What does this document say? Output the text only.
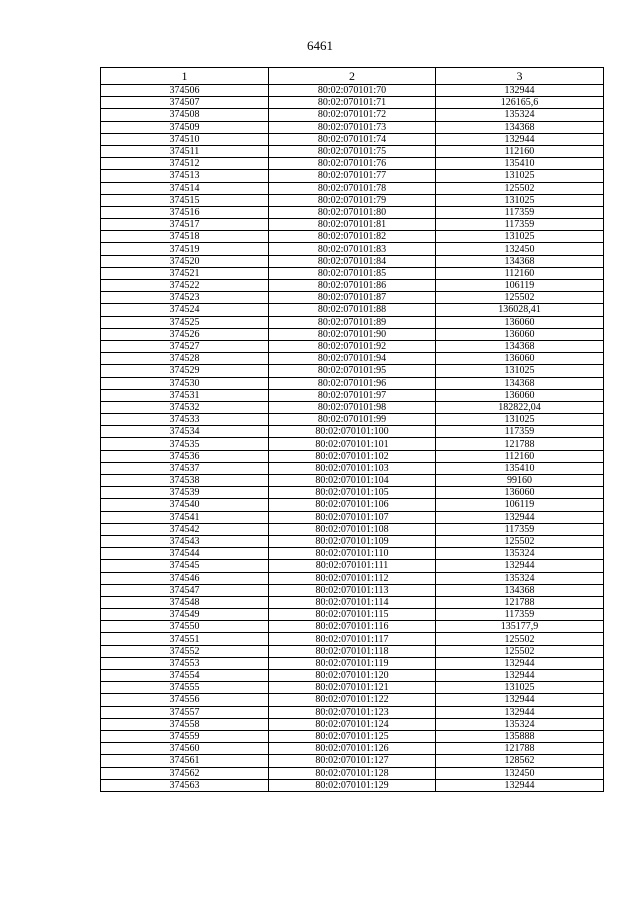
6461
1	2	3
374506	80:02:070101:70	132944
374507	80:02:070101:71	126165,6
374508	80:02:070101:72	135324
374509	80:02:070101:73	134368
374510	80:02:070101:74	132944
374511	80:02:070101:75	112160
374512	80:02:070101:76	135410
374513	80:02:070101:77	131025
374514	80:02:070101:78	125502
374515	80:02:070101:79	131025
374516	80:02:070101:80	117359
374517	80:02:070101:81	117359
374518	80:02:070101:82	131025
374519	80:02:070101:83	132450
374520	80:02:070101:84	134368
374521	80:02:070101:85	112160
374522	80:02:070101:86	106119
374523	80:02:070101:87	125502
374524	80:02:070101:88	136028,41
374525	80:02:070101:89	136060
374526	80:02:070101:90	136060
374527	80:02:070101:92	134368
374528	80:02:070101:94	136060
374529	80:02:070101:95	131025
374530	80:02:070101:96	134368
374531	80:02:070101:97	136060
374532	80:02:070101:98	182822,04
374533	80:02:070101:99	131025
374534	80:02:070101:100	117359
374535	80:02:070101:101	121788
374536	80:02:070101:102	112160
374537	80:02:070101:103	135410
374538	80:02:070101:104	99160
374539	80:02:070101:105	136060
374540	80:02:070101:106	106119
374541	80:02:070101:107	132944
374542	80:02:070101:108	117359
374543	80:02:070101:109	125502
374544	80:02:070101:110	135324
374545	80:02:070101:111	132944
374546	80:02:070101:112	135324
374547	80:02:070101:113	134368
374548	80:02:070101:114	121788
374549	80:02:070101:115	117359
374550	80:02:070101:116	135177,9
374551	80:02:070101:117	125502
374552	80:02:070101:118	125502
374553	80:02:070101:119	132944
374554	80:02:070101:120	132944
374555	80:02:070101:121	131025
374556	80:02:070101:122	132944
374557	80:02:070101:123	132944
374558	80:02:070101:124	135324
374559	80:02:070101:125	135888
374560	80:02:070101:126	121788
374561	80:02:070101:127	128562
374562	80:02:070101:128	132450
374563	80:02:070101:129	132944
